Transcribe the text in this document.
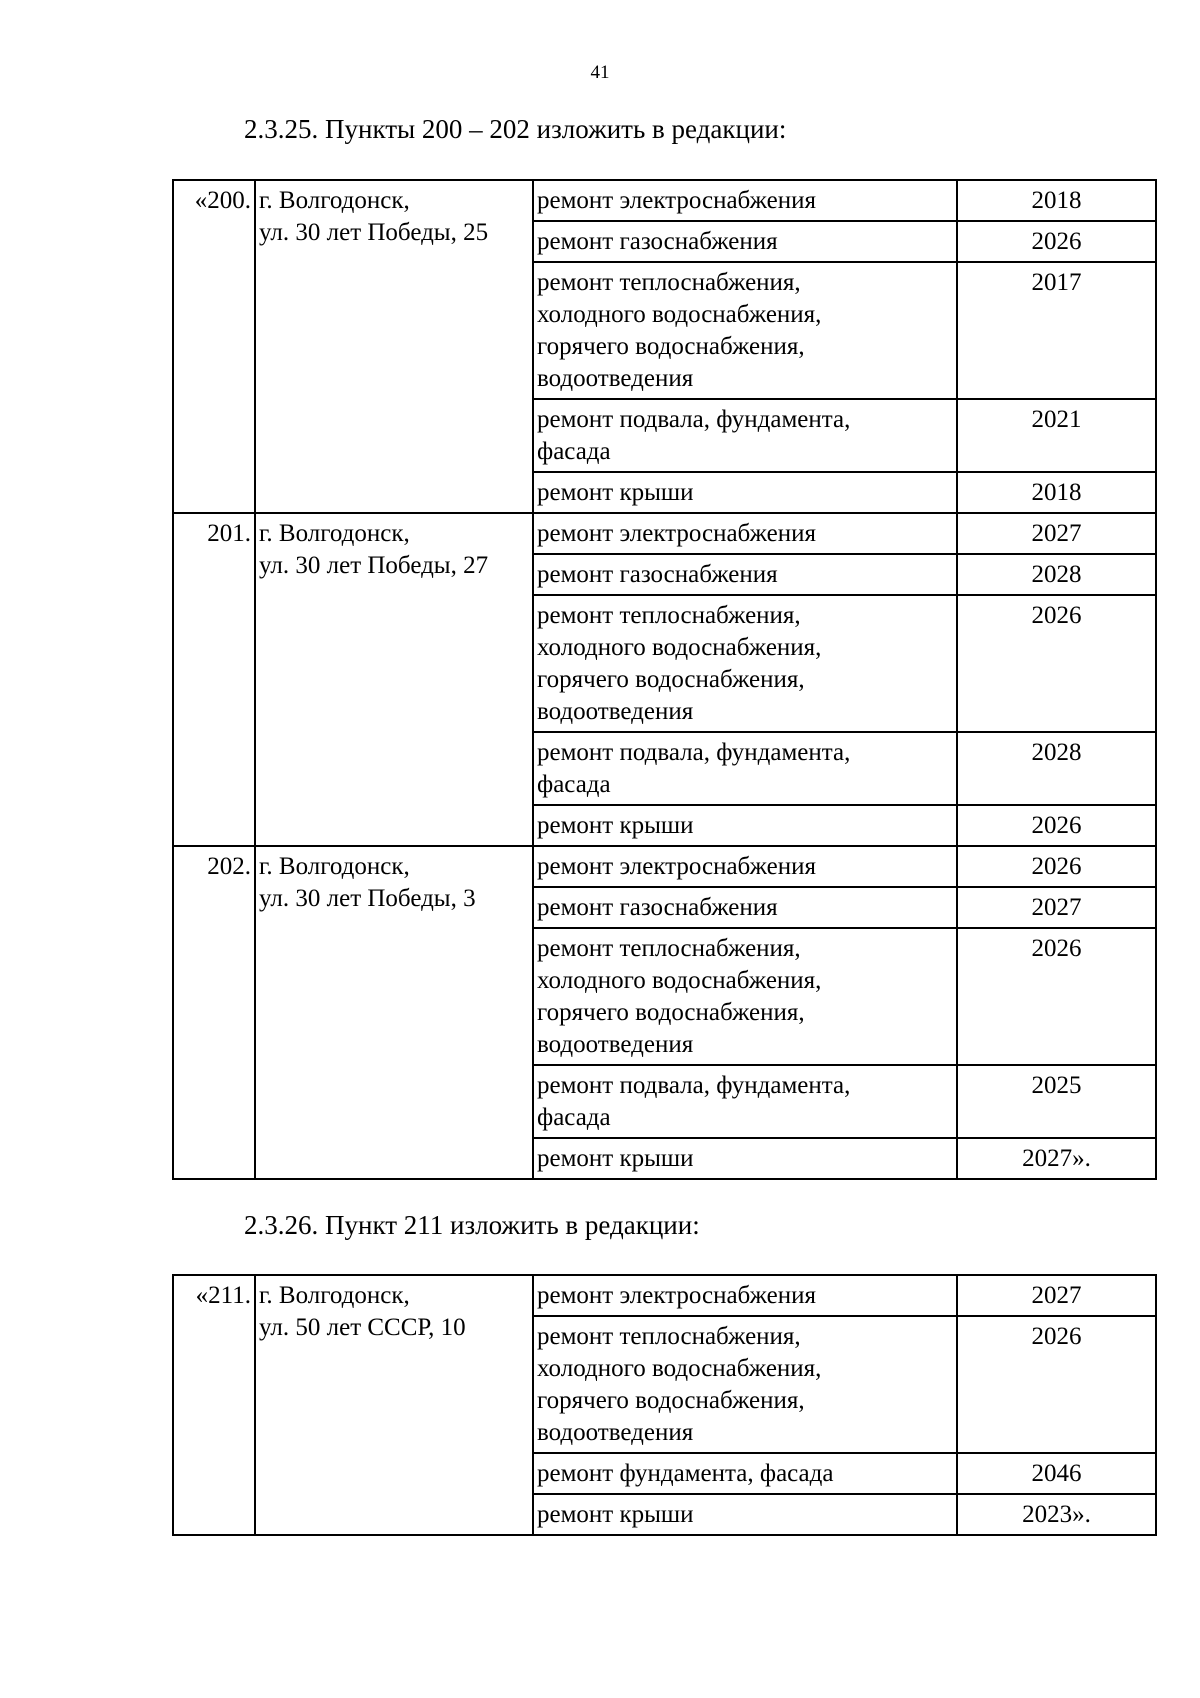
41
2.3.25. Пункты 200 – 202 изложить в редакции:
«200.	г. Волгодонск,
ул. 30 лет Победы, 25	ремонт электроснабжения	2018
		ремонт газоснабжения	2026
		ремонт теплоснабжения,
холодного водоснабжения,
горячего водоснабжения,
водоотведения	2017
		ремонт подвала, фундамента,
фасада	2021
		ремонт крыши	2018
201.	г. Волгодонск,
ул. 30 лет Победы, 27	ремонт электроснабжения	2027
		ремонт газоснабжения	2028
		ремонт теплоснабжения,
холодного водоснабжения,
горячего водоснабжения,
водоотведения	2026
		ремонт подвала, фундамента,
фасада	2028
		ремонт крыши	2026
202.	г. Волгодонск,
ул. 30 лет Победы, 3	ремонт электроснабжения	2026
		ремонт газоснабжения	2027
		ремонт теплоснабжения,
холодного водоснабжения,
горячего водоснабжения,
водоотведения	2026
		ремонт подвала, фундамента,
фасада	2025
		ремонт крыши	2027».
2.3.26. Пункт 211 изложить в редакции:
«211.	г. Волгодонск,
ул. 50 лет СССР, 10	ремонт электроснабжения	2027
		ремонт теплоснабжения,
холодного водоснабжения,
горячего водоснабжения,
водоотведения	2026
		ремонт фундамента, фасада	2046
		ремонт крыши	2023».
